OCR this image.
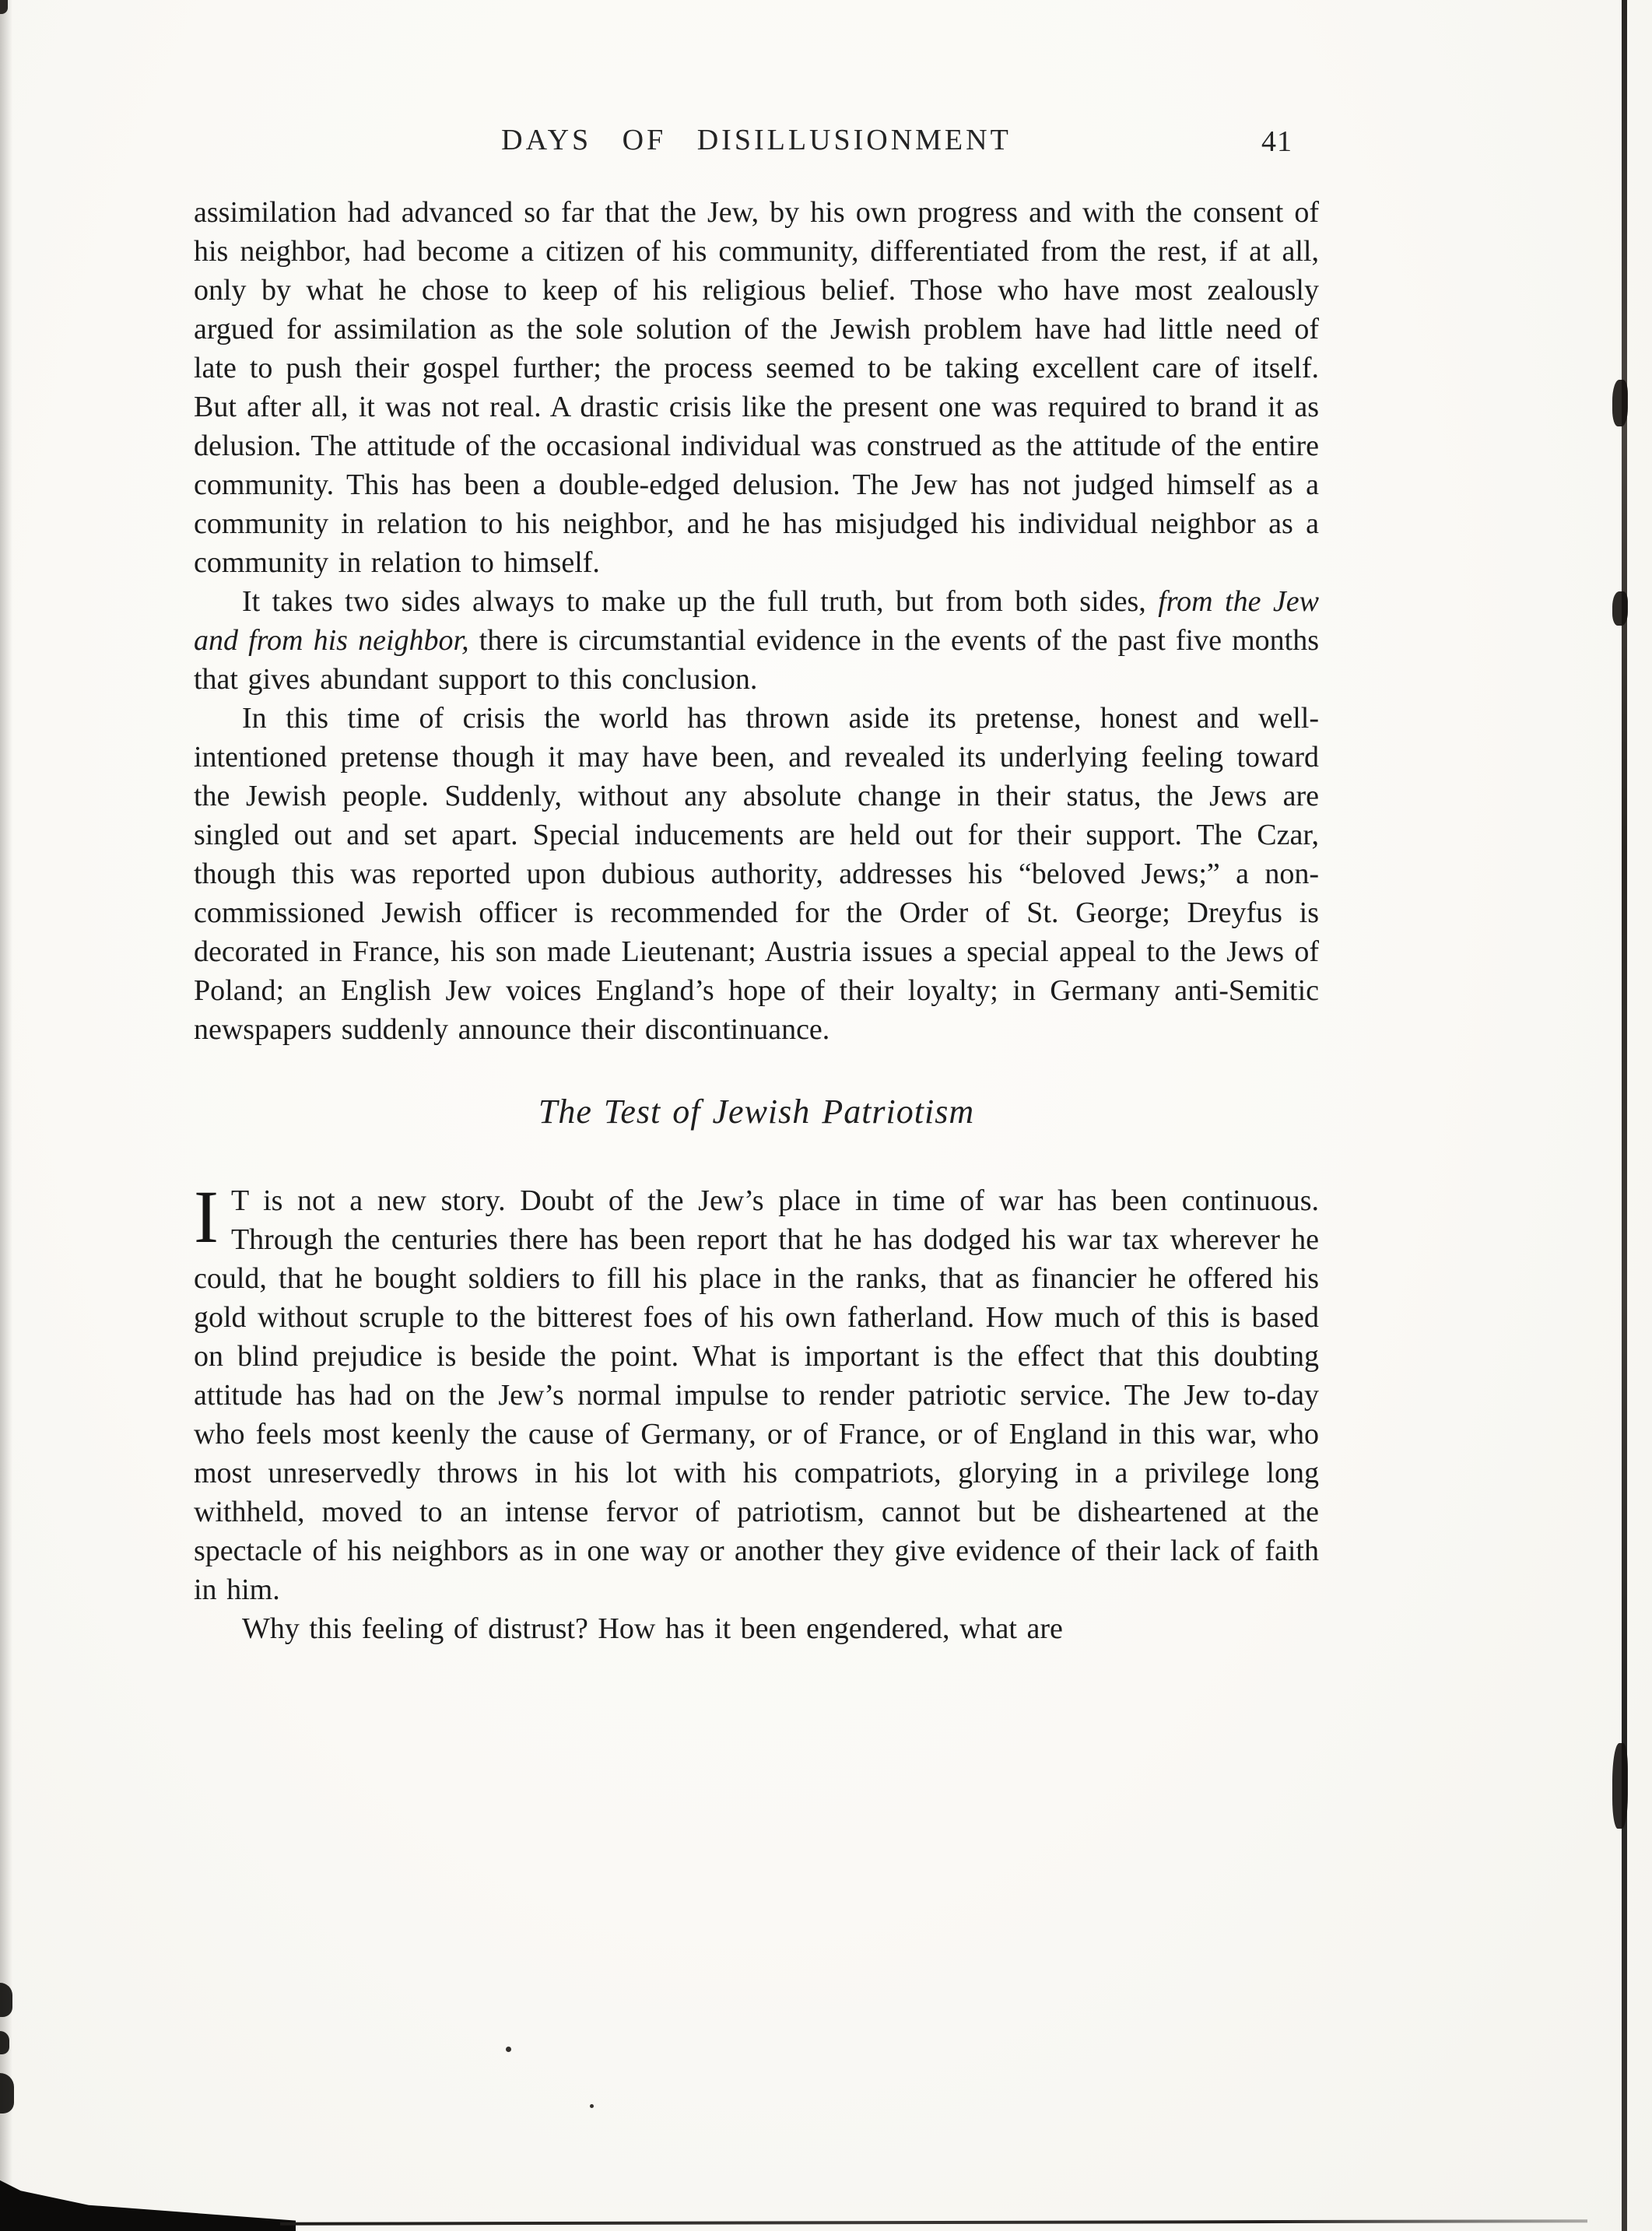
DAYS OF DISILLUSIONMENT	41

assimilation had advanced so far that the Jew, by his own progress and with the consent of his neighbor, had become a citizen of his community, differentiated from the rest, if at all, only by what he chose to keep of his religious belief. Those who have most zealously argued for assimilation as the sole solution of the Jewish problem have had little need of late to push their gospel further; the process seemed to be taking excellent care of itself. But after all, it was not real. A drastic crisis like the present one was required to brand it as delusion. The attitude of the occasional individual was construed as the attitude of the entire community. This has been a double-edged delusion. The Jew has not judged himself as a community in relation to his neighbor, and he has misjudged his individual neighbor as a community in relation to himself.

It takes two sides always to make up the full truth, but from both sides, from the Jew and from his neighbor, there is circumstantial evidence in the events of the past five months that gives abundant support to this conclusion.

In this time of crisis the world has thrown aside its pretense, honest and well-intentioned pretense though it may have been, and revealed its underlying feeling toward the Jewish people. Suddenly, without any absolute change in their status, the Jews are singled out and set apart. Special inducements are held out for their support. The Czar, though this was reported upon dubious authority, addresses his “beloved Jews;” a non-commissioned Jewish officer is recommended for the Order of St. George; Dreyfus is decorated in France, his son made Lieutenant; Austria issues a special appeal to the Jews of Poland; an English Jew voices England’s hope of their loyalty; in Germany anti-Semitic newspapers suddenly announce their discontinuance.

The Test of Jewish Patriotism

I T is not a new story. Doubt of the Jew’s place in time of war has been continuous. Through the centuries there has been report that he has dodged his war tax wherever he could, that he bought soldiers to fill his place in the ranks, that as financier he offered his gold without scruple to the bitterest foes of his own fatherland. How much of this is based on blind prejudice is beside the point. What is important is the effect that this doubting attitude has had on the Jew’s normal impulse to render patriotic service. The Jew to-day who feels most keenly the cause of Germany, or of France, or of England in this war, who most unreservedly throws in his lot with his compatriots, glorying in a privilege long withheld, moved to an intense fervor of patriotism, cannot but be disheartened at the spectacle of his neighbors as in one way or another they give evidence of their lack of faith in him.

Why this feeling of distrust? How has it been engendered, what are
